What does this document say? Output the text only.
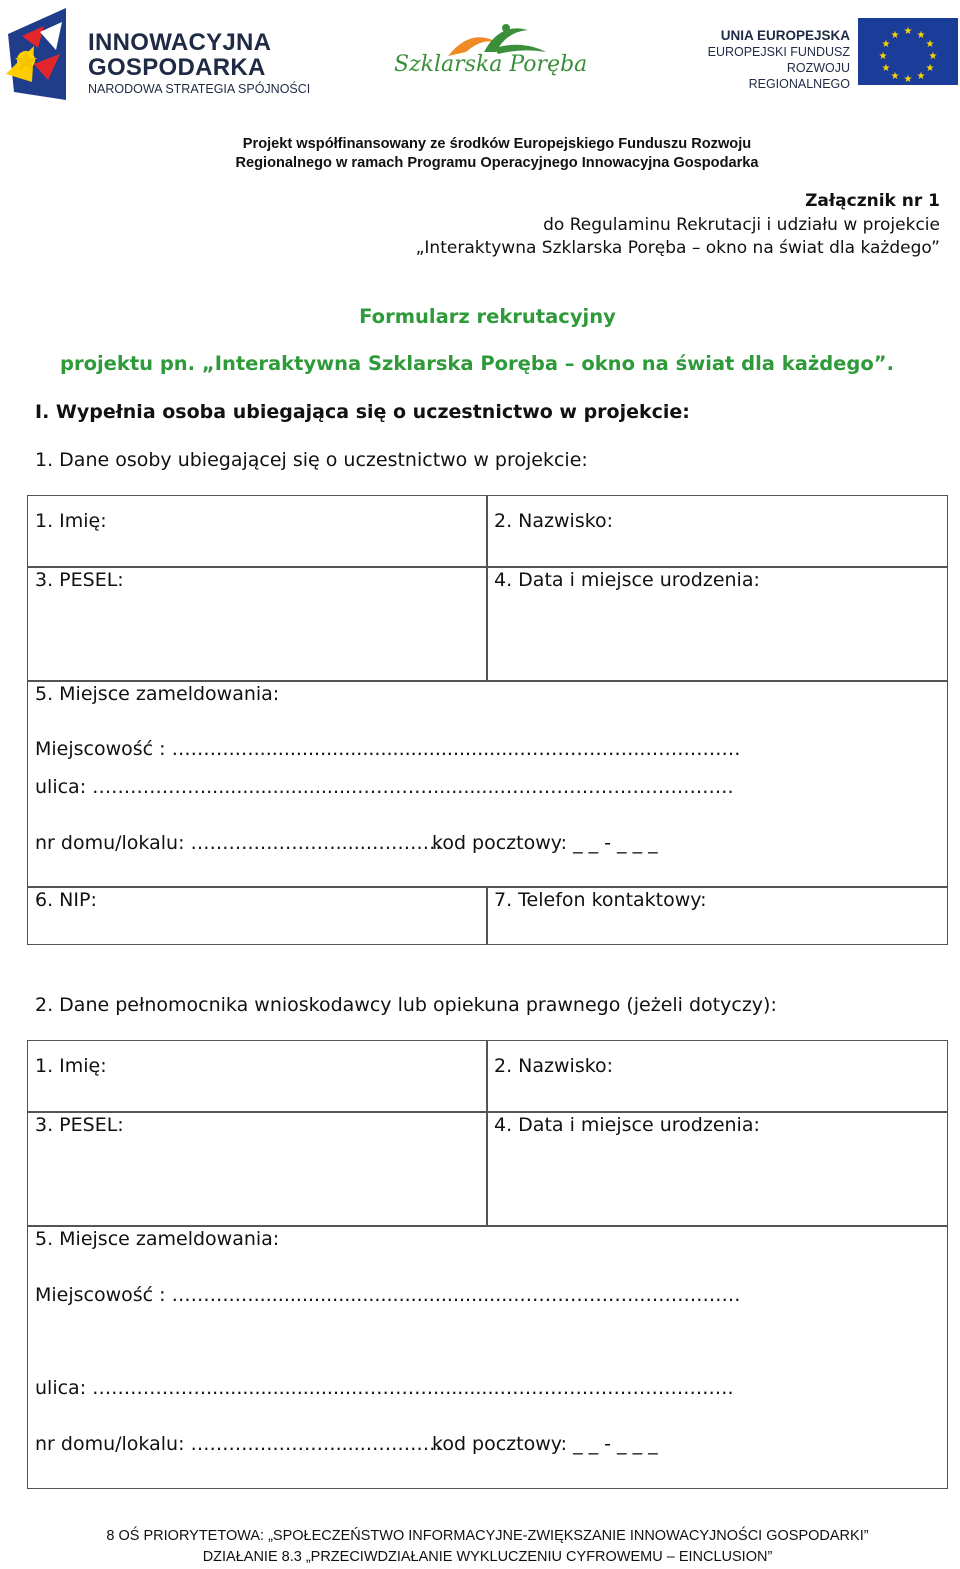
INNOWACYJNA
GOSPODARKA
NARODOWA STRATEGIA SPÓJNOŚCI
Szklarska Poręba
UNIA EUROPEJSKA
EUROPEJSKI FUNDUSZ
ROZWOJU REGIONALNEGO
★ ★
★
★
★
★
★
★
★
★
★
★
Projekt współfinansowany ze środków Europejskiego Funduszu Rozwoju
Regionalnego w ramach Programu Operacyjnego Innowacyjna Gospodarka
Załącznik nr 1
do Regulaminu Rekrutacji i udziału w projekcie
„Interaktywna Szklarska Poręba – okno na świat dla każdego”
Formularz rekrutacyjny
projektu pn. „Interaktywna Szklarska Poręba – okno na świat dla każdego”.
I. Wypełnia osoba ubiegająca się o uczestnictwo w projekcie:
1. Dane osoby ubiegającej się o uczestnictwo w projekcie:
1. Imię:	2. Nazwisko:
3. PESEL:	4. Data i miejsce urodzenia:
5. Miejsce zameldowania:
Miejscowość : ……….…............................................………………..……………
ulica: ……………….........................…………...........……………………………….
nr domu/lokalu: ……….….……….....…………
kod pocztowy: _ _ - _ _ _
6. NIP:	7. Telefon kontaktowy:
2. Dane pełnomocnika wnioskodawcy lub opiekuna prawnego (jeżeli dotyczy):
1. Imię:	2. Nazwisko:
3. PESEL:	4. Data i miejsce urodzenia:
5. Miejsce zameldowania:
Miejscowość : ……….…............................................………………..……………
ulica: ……………….........................…………...........……………………………….
nr domu/lokalu: ……….….……….....…………
kod pocztowy: _ _ - _ _ _
8 OŚ PRIORYTETOWA: „SPOŁECZEŃSTWO INFORMACYJNE-ZWIĘKSZANIE INNOWACYJNOŚCI GOSPODARKI”
DZIAŁANIE 8.3 „PRZECIWDZIAŁANIE WYKLUCZENIU CYFROWEMU – EINCLUSION”
